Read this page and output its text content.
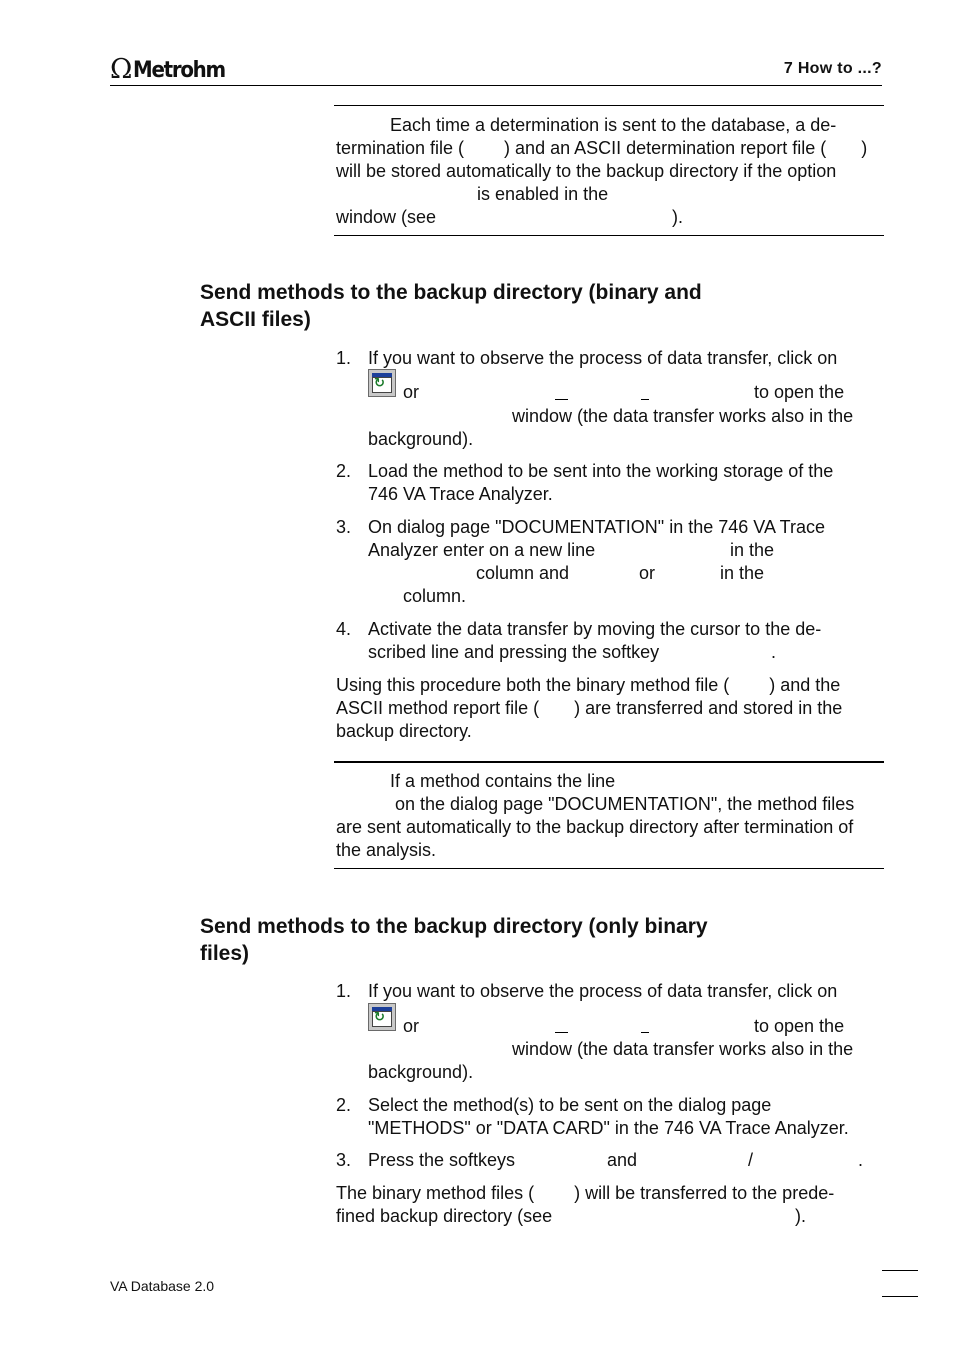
Ω Metrohm	7 How to ...?
Each time a determination is sent to the database, a de-
termination file (        ) and an ASCII determination report file (       )
will be stored automatically to the backup directory if the option
is enabled in the
window (see	).
Send methods to the backup directory (binary and
ASCII files)
1. If you want to observe the process of data transfer, click on
↻ or	to open the
window (the data transfer works also in the
background).
2. Load the method to be sent into the working storage of the
746 VA Trace Analyzer.
3. On dialog page "DOCUMENTATION" in the 746 VA Trace
Analyzer enter on a new line	in the
column and	or	in the
column.
4. Activate the data transfer by moving the cursor to the de-
scribed line and pressing the softkey	.
Using this procedure both the binary method file (        ) and the
ASCII method report file (       ) are transferred and stored in the
backup directory.
If a method contains the line
on the dialog page "DOCUMENTATION", the method files
are sent automatically to the backup directory after termination of
the analysis.
Send methods to the backup directory (only binary
files)
1. If you want to observe the process of data transfer, click on
↻ or	to open the
window (the data transfer works also in the
background).
2. Select the method(s) to be sent on the dialog page
"METHODS" or "DATA CARD" in the 746 VA Trace Analyzer.
3. Press the softkeys	and	/	.
The binary method files (        ) will be transferred to the prede-
fined backup directory (see	).
VA Database 2.0
